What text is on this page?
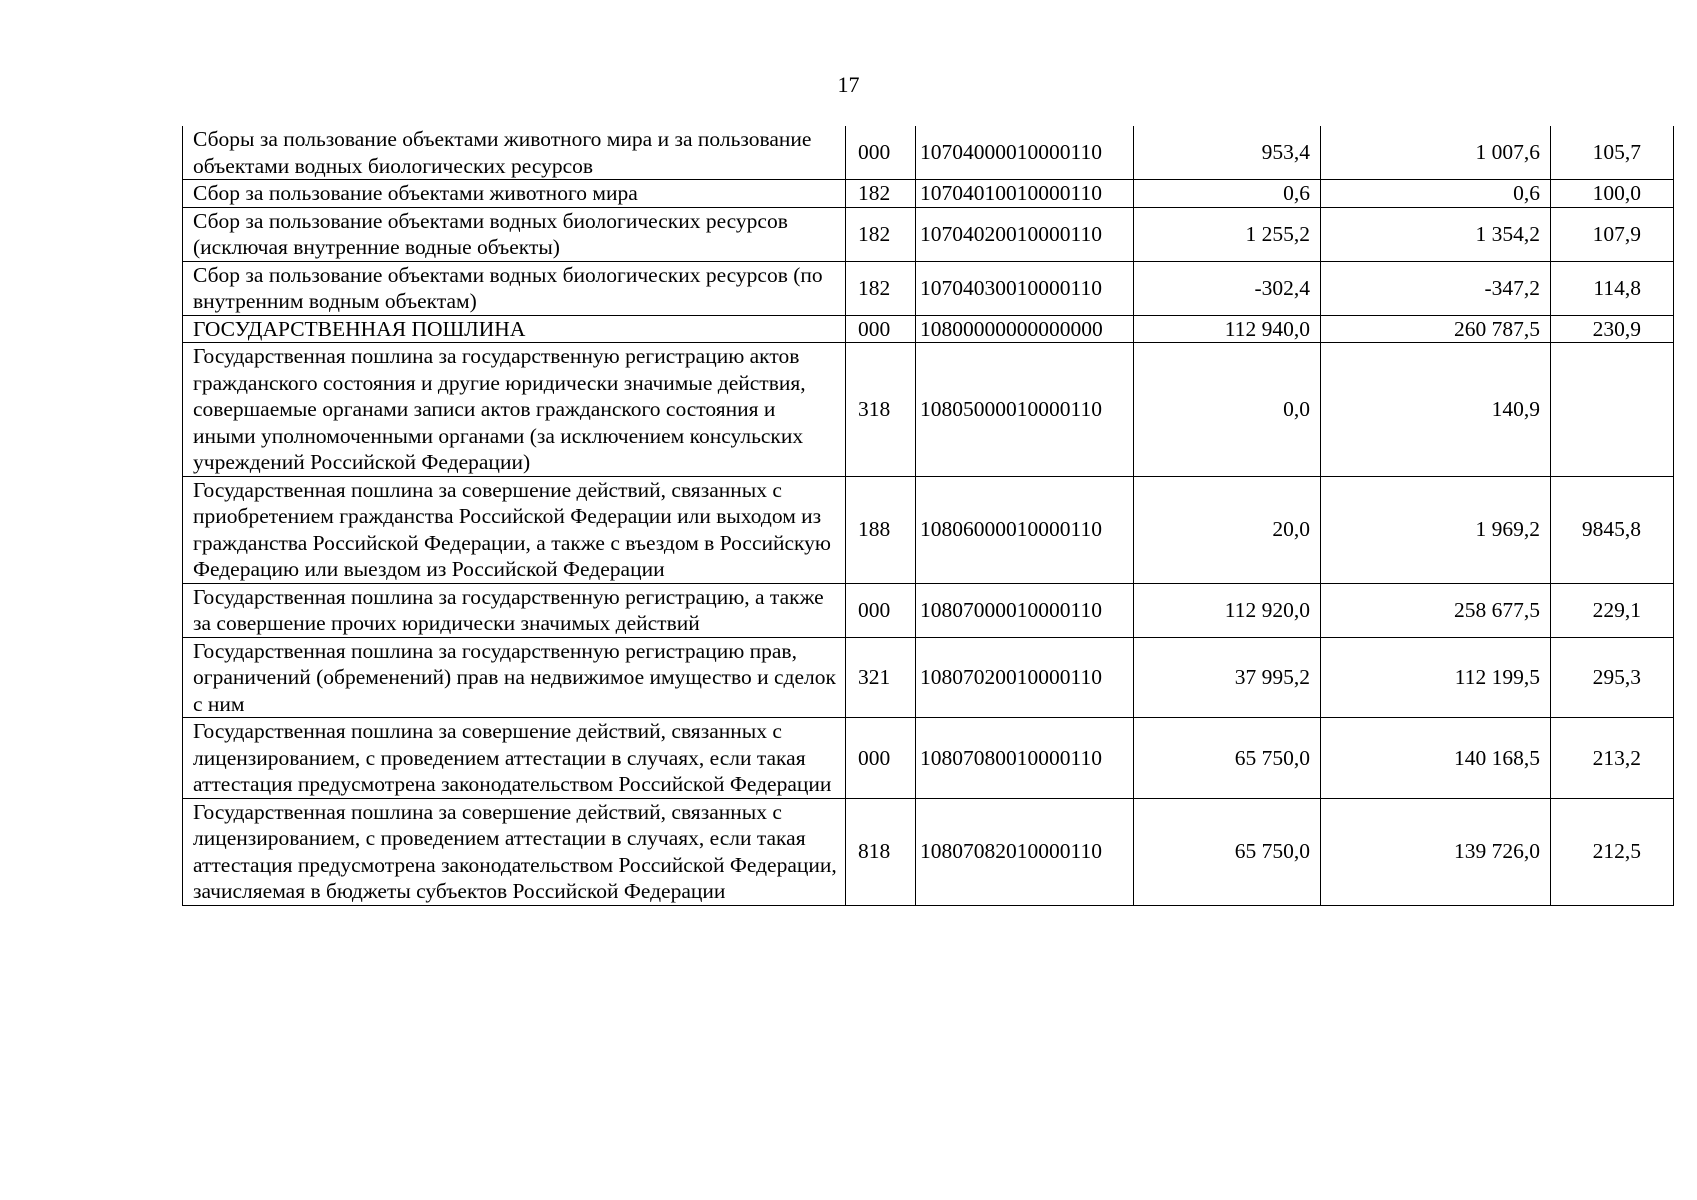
17
Сборы за пользование объектами животного мира и за пользование объектами водных биологических ресурсов	000	10704000010000110	953,4	1 007,6	105,7
Сбор за пользование объектами животного мира	182	10704010010000110	0,6	0,6	100,0
Сбор за пользование объектами водных биологических ресурсов (исключая внутренние водные объекты)	182	10704020010000110	1 255,2	1 354,2	107,9
Сбор за пользование объектами водных биологических ресурсов (по внутренним водным объектам)	182	10704030010000110	-302,4	-347,2	114,8
ГОСУДАРСТВЕННАЯ ПОШЛИНА	000	10800000000000000	112 940,0	260 787,5	230,9
Государственная пошлина за государственную регистрацию актов гражданского состояния и другие юридически значимые действия, совершаемые органами записи актов гражданского состояния и иными уполномоченными органами (за исключением консульских учреждений Российской Федерации)	318	10805000010000110	0,0	140,9	
Государственная пошлина за совершение действий, связанных с приобретением гражданства Российской Федерации или выходом из гражданства Российской Федерации, а также с въездом в Российскую Федерацию или выездом из Российской Федерации	188	10806000010000110	20,0	1 969,2	9845,8
Государственная пошлина за государственную регистрацию, а также за совершение прочих юридически значимых действий	000	10807000010000110	112 920,0	258 677,5	229,1
Государственная пошлина за государственную регистрацию прав, ограничений (обременений) прав на недвижимое имущество и сделок с ним	321	10807020010000110	37 995,2	112 199,5	295,3
Государственная пошлина за совершение действий, связанных с лицензированием, с проведением аттестации в случаях, если такая аттестация предусмотрена законодательством Российской Федерации	000	10807080010000110	65 750,0	140 168,5	213,2
Государственная пошлина за совершение действий, связанных с лицензированием, с проведением аттестации в случаях, если такая аттестация предусмотрена законодательством Российской Федерации, зачисляемая в бюджеты субъектов Российской Федерации	818	10807082010000110	65 750,0	139 726,0	212,5
